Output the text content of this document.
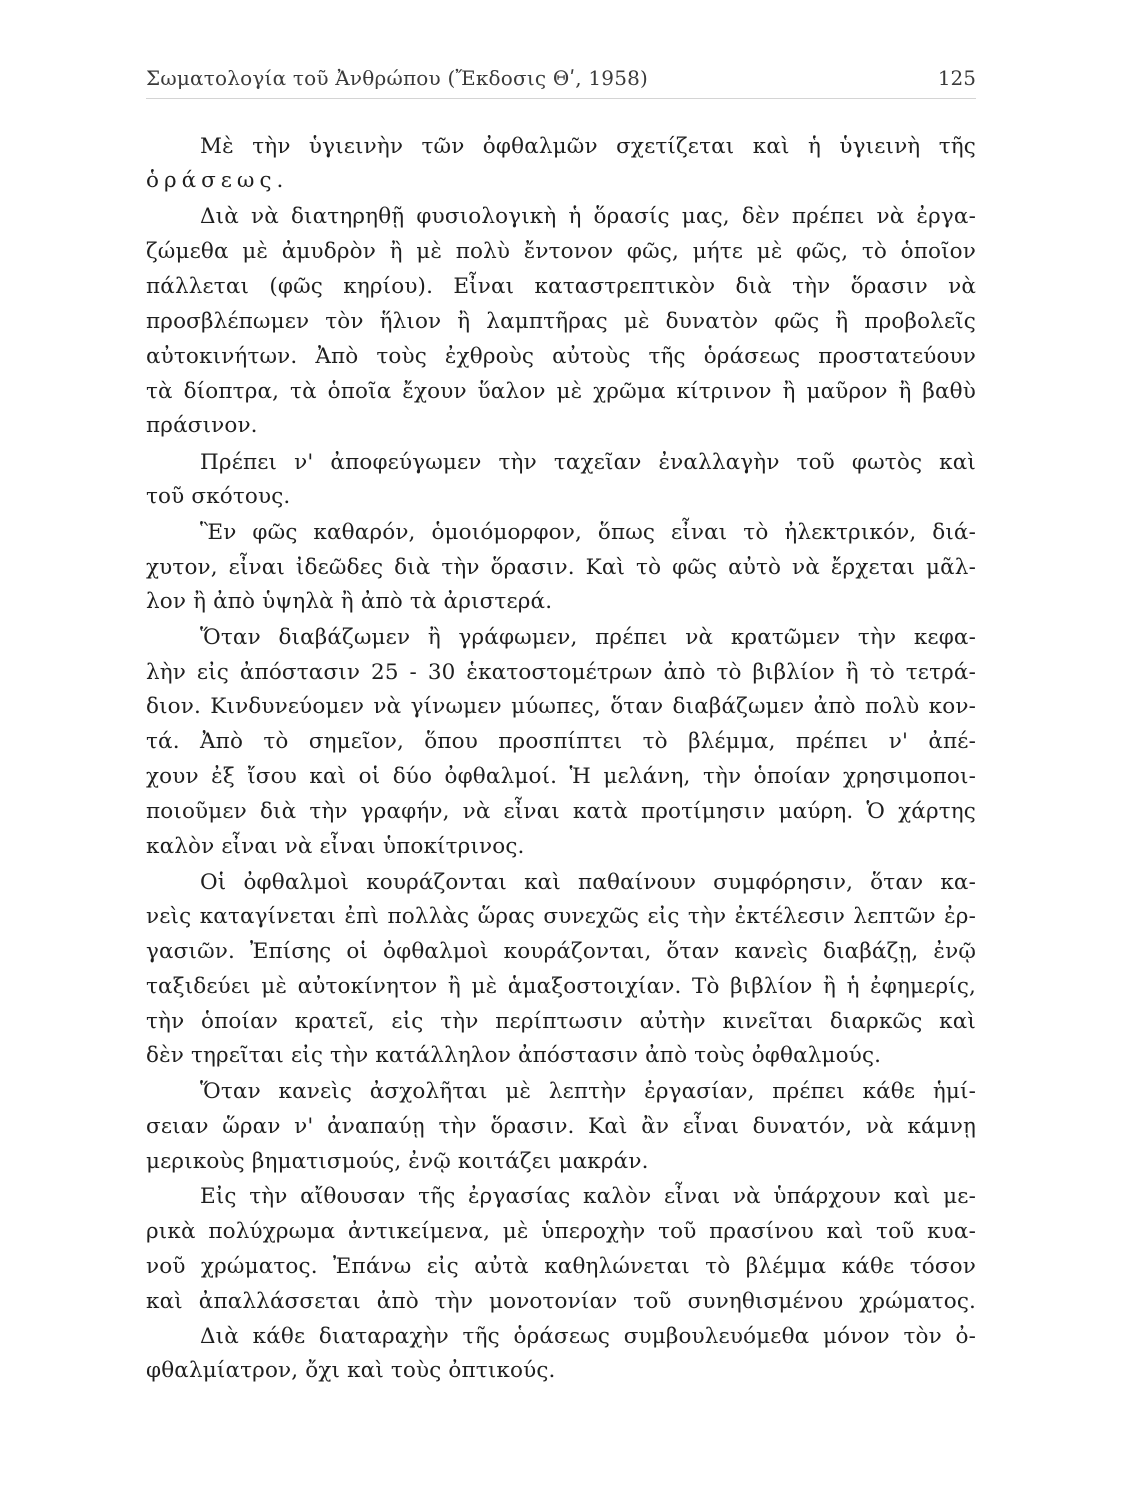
Σωματολογία τοῦ Ἀνθρώπου (Ἔκδοσις Θʹ, 1958)	125
Μὲ τὴν ὑγιεινὴν τῶν ὀφθαλμῶν σχετίζεται καὶ ἡ ὑγιεινὴ τῆς
ὁράσεως.
Διὰ νὰ διατηρηθῇ φυσιολογικὴ ἡ ὅρασίς μας, δὲν πρέπει νὰ ἐργα-
ζώμεθα μὲ ἀμυδρὸν ἢ μὲ πολὺ ἔντονον φῶς, μήτε μὲ φῶς, τὸ ὁποῖον
πάλλεται (φῶς κηρίου). Εἶναι καταστρεπτικὸν διὰ τὴν ὅρασιν νὰ
προσβλέπωμεν τὸν ἥλιον ἢ λαμπτῆρας μὲ δυνατὸν φῶς ἢ προβολεῖς
αὐτοκινήτων. Ἀπὸ τοὺς ἐχθροὺς αὐτοὺς τῆς ὁράσεως προστατεύουν
τὰ δίοπτρα, τὰ ὁποῖα ἔχουν ὕαλον μὲ χρῶμα κίτρινον ἢ μαῦρον ἢ βαθὺ
πράσινον.
Πρέπει ν' ἀποφεύγωμεν τὴν ταχεῖαν ἐναλλαγὴν τοῦ φωτὸς καὶ
τοῦ σκότους.
Ἓν φῶς καθαρόν, ὁμοιόμορφον, ὅπως εἶναι τὸ ἠλεκτρικόν, διά-
χυτον, εἶναι ἰδεῶδες διὰ τὴν ὅρασιν. Καὶ τὸ φῶς αὐτὸ νὰ ἔρχεται μᾶλ-
λον ἢ ἀπὸ ὑψηλὰ ἢ ἀπὸ τὰ ἀριστερά.
Ὅταν διαβάζωμεν ἢ γράφωμεν, πρέπει νὰ κρατῶμεν τὴν κεφα-
λὴν εἰς ἀπόστασιν 25 - 30 ἑκατοστομέτρων ἀπὸ τὸ βιβλίον ἢ τὸ τετρά-
διον. Κινδυνεύομεν νὰ γίνωμεν μύωπες, ὅταν διαβάζωμεν ἀπὸ πολὺ κον-
τά. Ἀπὸ τὸ σημεῖον, ὅπου προσπίπτει τὸ βλέμμα, πρέπει ν' ἀπέ-
χουν ἐξ ἴσου καὶ οἱ δύο ὀφθαλμοί. Ἡ μελάνη, τὴν ὁποίαν χρησιμοποι-
ποιοῦμεν διὰ τὴν γραφήν, νὰ εἶναι κατὰ προτίμησιν μαύρη. Ὁ χάρτης
καλὸν εἶναι νὰ εἶναι ὑποκίτρινος.
Οἱ ὀφθαλμοὶ κουράζονται καὶ παθαίνουν συμφόρησιν, ὅταν κα-
νεὶς καταγίνεται ἐπὶ πολλὰς ὥρας συνεχῶς εἰς τὴν ἐκτέλεσιν λεπτῶν ἐρ-
γασιῶν. Ἐπίσης οἱ ὀφθαλμοὶ κουράζονται, ὅταν κανεὶς διαβάζῃ, ἐνῷ
ταξιδεύει μὲ αὐτοκίνητον ἢ μὲ ἁμαξοστοιχίαν. Τὸ βιβλίον ἢ ἡ ἐφημερίς,
τὴν ὁποίαν κρατεῖ, εἰς τὴν περίπτωσιν αὐτὴν κινεῖται διαρκῶς καὶ
δὲν τηρεῖται εἰς τὴν κατάλληλον ἀπόστασιν ἀπὸ τοὺς ὀφθαλμούς.
Ὅταν κανεὶς ἀσχολῆται μὲ λεπτὴν ἐργασίαν, πρέπει κάθε ἡμί-
σειαν ὥραν ν' ἀναπαύῃ τὴν ὅρασιν. Καὶ ἂν εἶναι δυνατόν, νὰ κάμνῃ
μερικοὺς βηματισμούς, ἐνῷ κοιτάζει μακράν.
Εἰς τὴν αἴθουσαν τῆς ἐργασίας καλὸν εἶναι νὰ ὑπάρχουν καὶ με-
ρικὰ πολύχρωμα ἀντικείμενα, μὲ ὑπεροχὴν τοῦ πρασίνου καὶ τοῦ κυα-
νοῦ χρώματος. Ἐπάνω εἰς αὐτὰ καθηλώνεται τὸ βλέμμα κάθε τόσον
καὶ ἀπαλλάσσεται ἀπὸ τὴν μονοτονίαν τοῦ συνηθισμένου χρώματος.
Διὰ κάθε διαταραχὴν τῆς ὁράσεως συμβουλευόμεθα μόνον τὸν ὀ-
φθαλμίατρον, ὄχι καὶ τοὺς ὀπτικούς.
